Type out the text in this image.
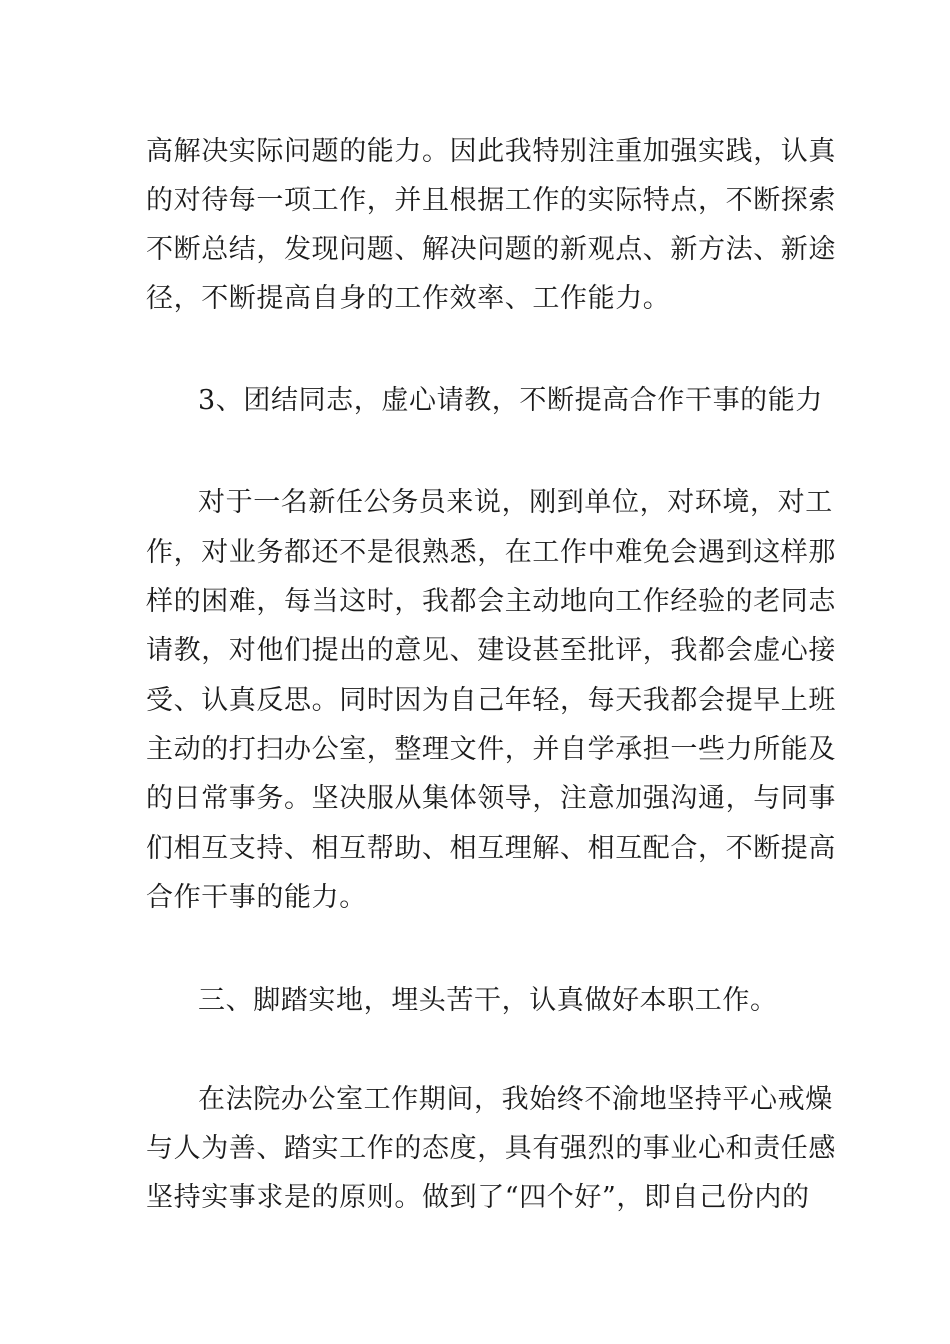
高解决实际问题的能力。因此我特别注重加强实践，认真
的对待每一项工作，并且根据工作的实际特点，不断探索
不断总结，发现问题、解决问题的新观点、新方法、新途
径，不断提高自身的工作效率、工作能力。
3、团结同志，虚心请教，不断提高合作干事的能力
对于一名新任公务员来说，刚到单位，对环境，对工
作，对业务都还不是很熟悉，在工作中难免会遇到这样那
样的困难，每当这时，我都会主动地向工作经验的老同志
请教，对他们提出的意见、建设甚至批评，我都会虚心接
受、认真反思。同时因为自己年轻，每天我都会提早上班
主动的打扫办公室，整理文件，并自学承担一些力所能及
的日常事务。坚决服从集体领导，注意加强沟通，与同事
们相互支持、相互帮助、相互理解、相互配合，不断提高
合作干事的能力。
三、脚踏实地，埋头苦干，认真做好本职工作。
在法院办公室工作期间，我始终不渝地坚持平心戒燥
与人为善、踏实工作的态度，具有强烈的事业心和责任感
坚持实事求是的原则。做到了“四个好”，即自己份内的
